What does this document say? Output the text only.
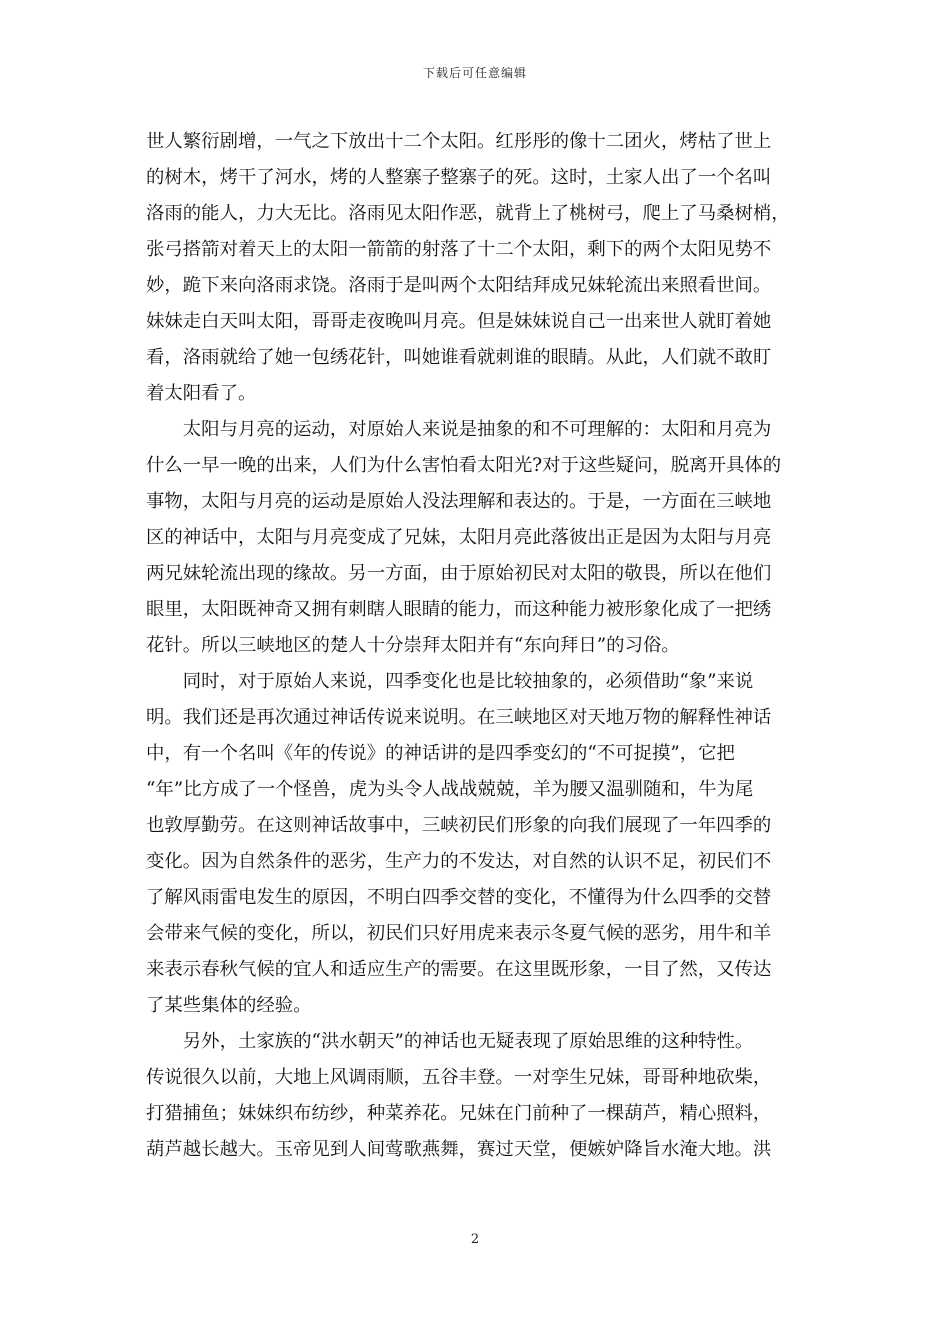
下载后可任意编辑
世人繁衍剧增，一气之下放出十二个太阳。红彤彤的像十二团火，烤枯了世上
的树木，烤干了河水，烤的人整寨子整寨子的死。这时，土家人出了一个名叫
洛雨的能人，力大无比。洛雨见太阳作恶，就背上了桃树弓，爬上了马桑树梢，
张弓搭箭对着天上的太阳一箭箭的射落了十二个太阳，剩下的两个太阳见势不
妙，跪下来向洛雨求饶。洛雨于是叫两个太阳结拜成兄妹轮流出来照看世间。
妹妹走白天叫太阳，哥哥走夜晚叫月亮。但是妹妹说自己一出来世人就盯着她
看，洛雨就给了她一包绣花针，叫她谁看就刺谁的眼睛。从此，人们就不敢盯
着太阳看了。
　　太阳与月亮的运动，对原始人来说是抽象的和不可理解的：太阳和月亮为
什么一早一晚的出来，人们为什么害怕看太阳光?对于这些疑问，脱离开具体的
事物，太阳与月亮的运动是原始人没法理解和表达的。于是，一方面在三峡地
区的神话中，太阳与月亮变成了兄妹，太阳月亮此落彼出正是因为太阳与月亮
两兄妹轮流出现的缘故。另一方面，由于原始初民对太阳的敬畏，所以在他们
眼里，太阳既神奇又拥有刺瞎人眼睛的能力，而这种能力被形象化成了一把绣
花针。所以三峡地区的楚人十分崇拜太阳并有“东向拜日”的习俗。
　　同时，对于原始人来说，四季变化也是比较抽象的，必须借助“象”来说
明。我们还是再次通过神话传说来说明。在三峡地区对天地万物的解释性神话
中，有一个名叫《年的传说》的神话讲的是四季变幻的“不可捉摸”，它把
“年”比方成了一个怪兽，虎为头令人战战兢兢，羊为腰又温驯随和，牛为尾
也敦厚勤劳。在这则神话故事中，三峡初民们形象的向我们展现了一年四季的
变化。因为自然条件的恶劣，生产力的不发达，对自然的认识不足，初民们不
了解风雨雷电发生的原因，不明白四季交替的变化，不懂得为什么四季的交替
会带来气候的变化，所以，初民们只好用虎来表示冬夏气候的恶劣，用牛和羊
来表示春秋气候的宜人和适应生产的需要。在这里既形象，一目了然，又传达
了某些集体的经验。
　　另外，土家族的“洪水朝天”的神话也无疑表现了原始思维的这种特性。
传说很久以前，大地上风调雨顺，五谷丰登。一对孪生兄妹，哥哥种地砍柴，
打猎捕鱼；妹妹织布纺纱，种菜养花。兄妹在门前种了一棵葫芦，精心照料，
葫芦越长越大。玉帝见到人间莺歌燕舞，赛过天堂，便嫉妒降旨水淹大地。洪
2
